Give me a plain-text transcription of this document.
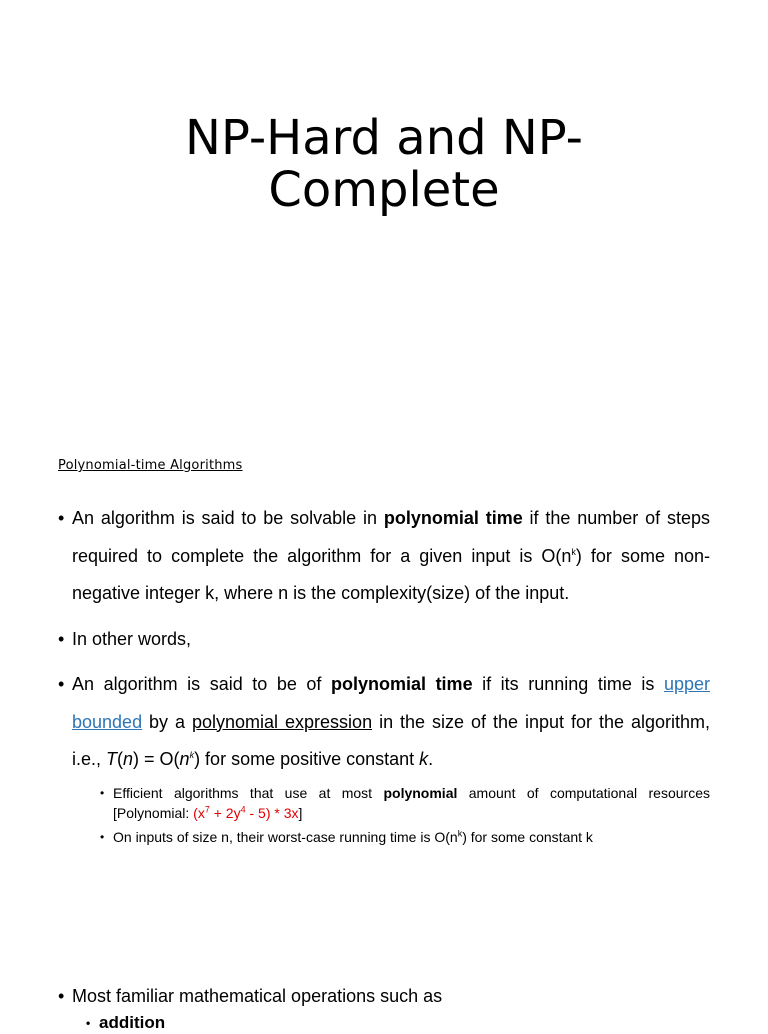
NP-Hard and NP-
Complete
Polynomial-time Algorithms
• An algorithm is said to be solvable in polynomial time if the number of steps required to complete the algorithm for a given input is $O(n^k)$ for some non-negative integer k, where n is the complexity(size) of the input.
• In other words,
• An algorithm is said to be of polynomial time if its running time is upper bounded by a polynomial expression in the size of the input for the algorithm, i.e., $T(n) = O(n^k)$ for some positive constant k.
• Efficient algorithms that use at most polynomial amount of computational resources [Polynomial: $(x^7 + 2y^4 - 5) * 3x$]
• On inputs of size n, their worst-case running time is $O(n^k)$ for some constant k
• Most familiar mathematical operations such as
• addition
